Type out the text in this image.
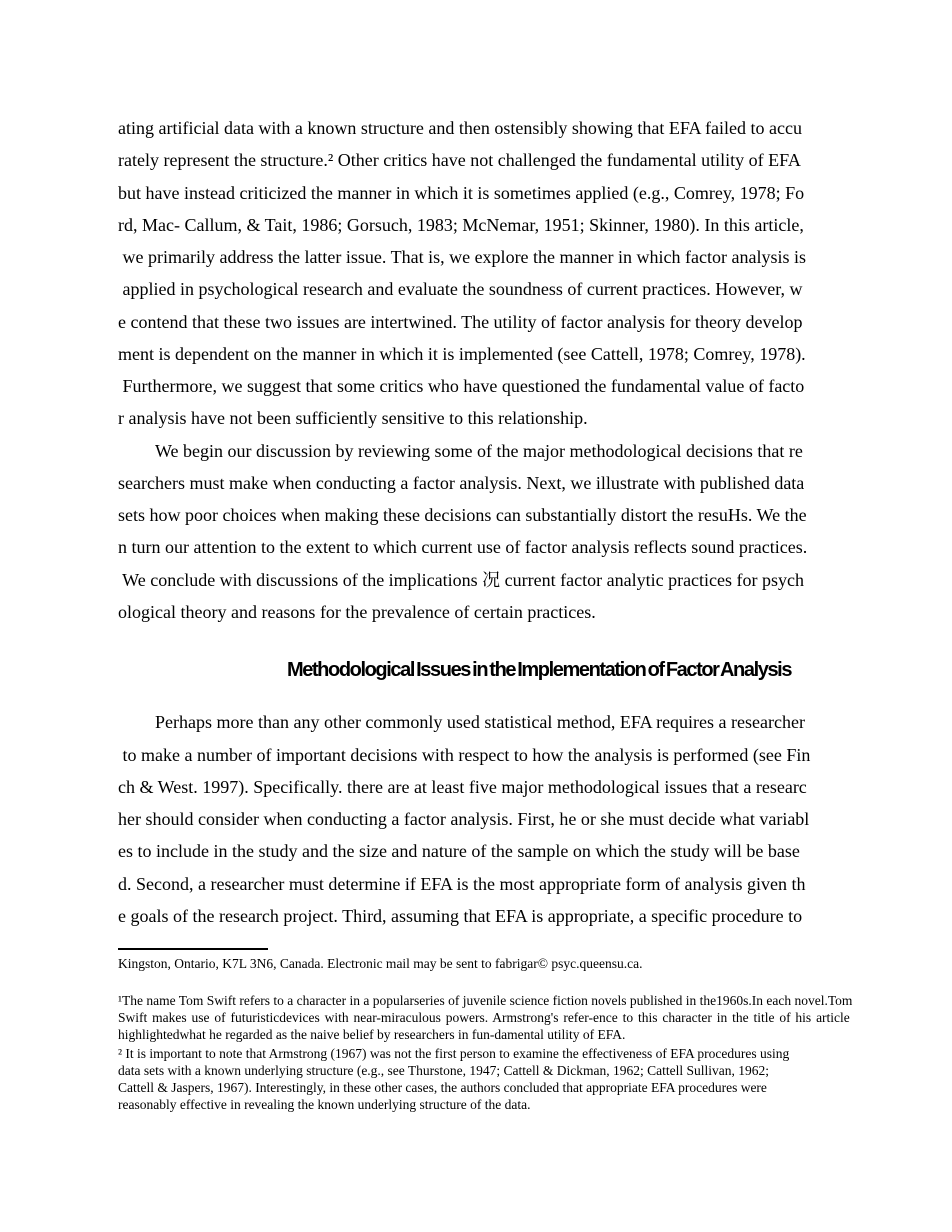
ating artificial data with a known structure and then ostensibly showing that EFA failed to accu
rately represent the structure.² Other critics have not challenged the fundamental utility of EFA
but have instead criticized the manner in which it is sometimes applied (e.g., Comrey, 1978; Fo
rd, Mac- Callum, & Tait, 1986; Gorsuch, 1983; McNemar, 1951; Skinner, 1980). In this article,
we primarily address the latter issue. That is, we explore the manner in which factor analysis is
applied in psychological research and evaluate the soundness of current practices. However, w
e contend that these two issues are intertwined. The utility of factor analysis for theory develop
ment is dependent on the manner in which it is implemented (see Cattell, 1978; Comrey, 1978).
Furthermore, we suggest that some critics who have questioned the fundamental value of facto
r analysis have not been sufficiently sensitive to this relationship.
We begin our discussion by reviewing some of the major methodological decisions that re
searchers must make when conducting a factor analysis. Next, we illustrate with published data
sets how poor choices when making these decisions can substantially distort the resuHs. We the
n turn our attention to the extent to which current use of factor analysis reflects sound practices.
We conclude with discussions of the implications 况 current factor analytic practices for psych
ological theory and reasons for the prevalence of certain practices.
Methodological Issues in the Implementation of Factor Analysis
Perhaps more than any other commonly used statistical method, EFA requires a researcher
to make a number of important decisions with respect to how the analysis is performed (see Fin
ch & West. 1997). Specifically. there are at least five major methodological issues that a researc
her should consider when conducting a factor analysis. First, he or she must decide what variabl
es to include in the study and the size and nature of the sample on which the study will be base
d. Second, a researcher must determine if EFA is the most appropriate form of analysis given th
e goals of the research project. Third, assuming that EFA is appropriate, a specific procedure to
Kingston, Ontario, K7L 3N6, Canada. Electronic mail may be sent to fabrigar© psyc.queensu.ca.
¹The name Tom Swift refers to a character in a popularseries of juvenile science fiction novels published in the1960s.In each novel.Tom
Swift makes use of futuristicdevices with near-miraculous powers. Armstrong's refer-ence to this character in the title of his article
highlightedwhat he regarded as the naive belief by researchers in fun-damental utility of EFA.
² It is important to note that Armstrong (1967) was not the first person to examine the effectiveness of EFA procedures using
data sets with a known underlying structure (e.g., see Thurstone, 1947; Cattell & Dickman, 1962; Cattell Sullivan, 1962;
Cattell & Jaspers, 1967). Interestingly, in these other cases, the authors concluded that appropriate EFA procedures were
reasonably effective in revealing the known underlying structure of the data.
